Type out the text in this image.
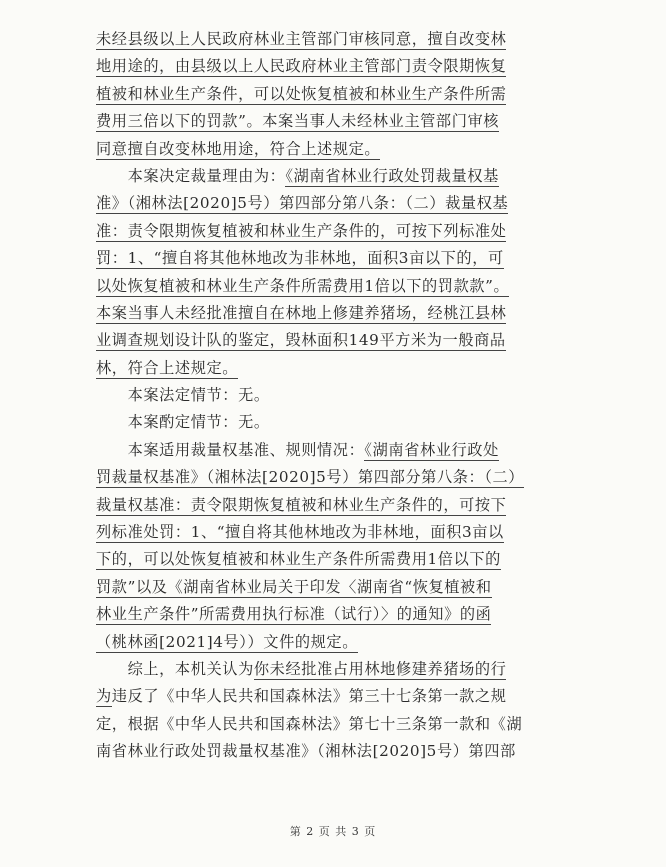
未经县级以上人民政府林业主管部门审核同意，擅自改变林
地用途的，由县级以上人民政府林业主管部门责令限期恢复
植被和林业生产条件，可以处恢复植被和林业生产条件所需
费用三倍以下的罚款”。本案当事人未经林业主管部门审核
同意擅自改变林地用途，符合上述规定。
　　本案决定裁量理由为：《湖南省林业行政处罚裁量权基
准》（湘林法[2020]5号）第四部分第八条：（二）裁量权基
准：责令限期恢复植被和林业生产条件的，可按下列标准处
罚：1、“擅自将其他林地改为非林地，面积3亩以下的，可
以处恢复植被和林业生产条件所需费用1倍以下的罚款款”。
本案当事人未经批准擅自在林地上修建养猪场，经桃江县林
业调查规划设计队的鉴定，毁林面积149平方米为一般商品
林，符合上述规定。
　　本案法定情节：无。
　　本案酌定情节：无。
　　本案适用裁量权基准、规则情况：《湖南省林业行政处
罚裁量权基准》（湘林法[2020]5号）第四部分第八条：（二）
裁量权基准：责令限期恢复植被和林业生产条件的，可按下
列标准处罚：1、“擅自将其他林地改为非林地，面积3亩以
下的，可以处恢复植被和林业生产条件所需费用1倍以下的
罚款”以及《湖南省林业局关于印发〈湖南省“恢复植被和
林业生产条件”所需费用执行标准（试行）〉的通知》的函
（桃林函[2021]4号））文件的规定。
　　综上，本机关认为你未经批准占用林地修建养猪场的行
为违反了《中华人民共和国森林法》第三十七条第一款之规
定，根据《中华人民共和国森林法》第七十三条第一款和《湖
南省林业行政处罚裁量权基准》（湘林法[2020]5号）第四部
第 2 页 共 3 页
